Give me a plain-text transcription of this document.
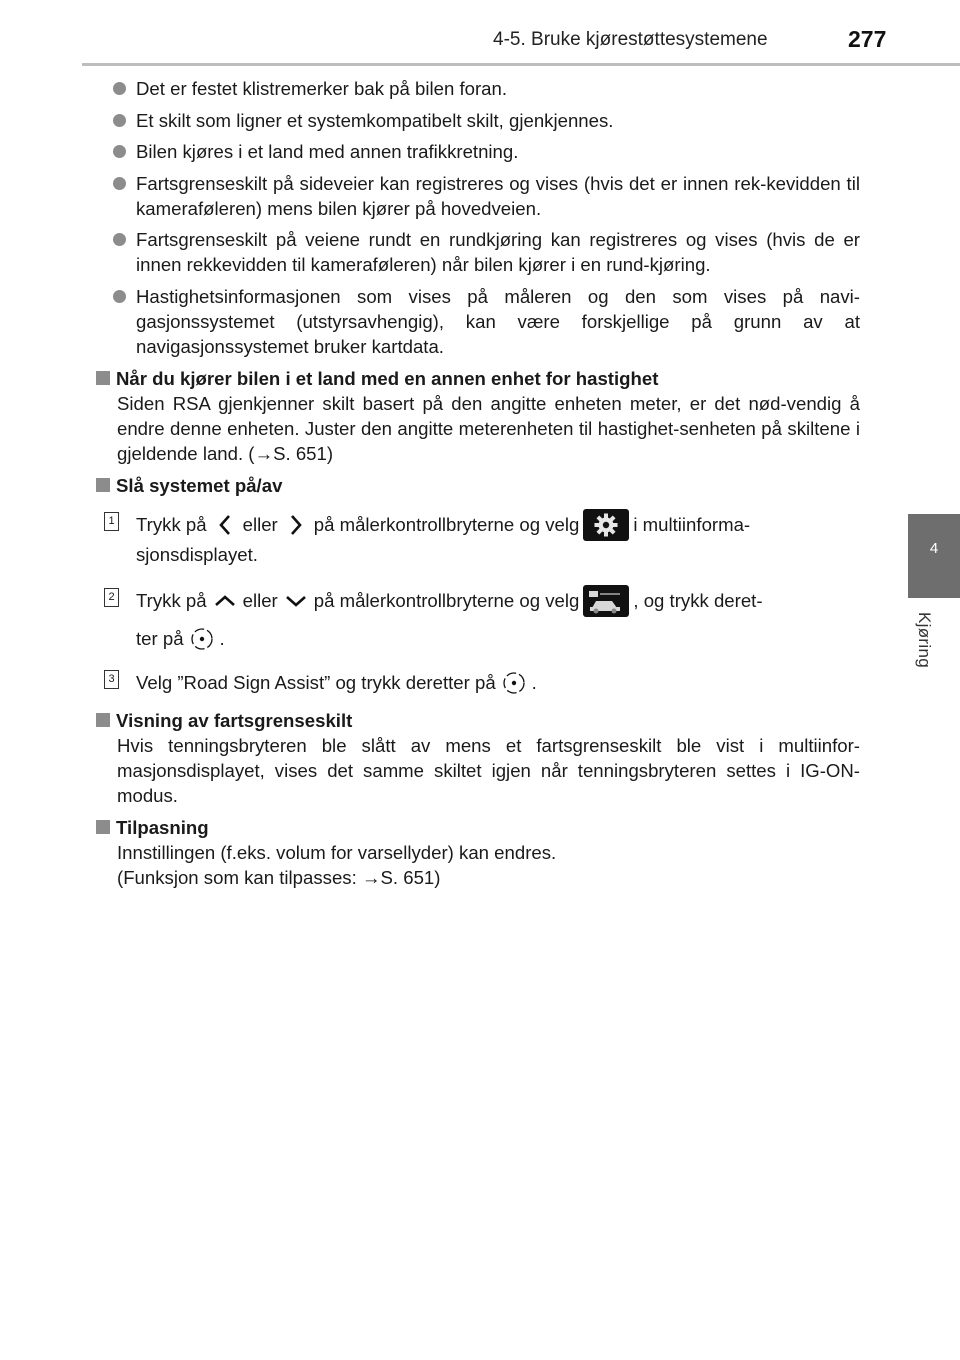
4-5. Bruke kjørestøttesystemene	277
4
Kjøring
Det er festet klistremerker bak på bilen foran.
Et skilt som ligner et systemkompatibelt skilt, gjenkjennes.
Bilen kjøres i et land med annen trafikkretning.
Fartsgrenseskilt på sideveier kan registreres og vises (hvis det er innen rek-kevidden til kameraføleren) mens bilen kjører på hovedveien.
Fartsgrenseskilt på veiene rundt en rundkjøring kan registreres og vises (hvis de er innen rekkevidden til kameraføleren) når bilen kjører i en rund-kjøring.
Hastighetsinformasjonen som vises på måleren og den som vises på navi-gasjonssystemet (utstyrsavhengig), kan være forskjellige på grunn av at navigasjonssystemet bruker kartdata.
Når du kjører bilen i et land med en annen enhet for hastighet
Siden RSA gjenkjenner skilt basert på den angitte enheten meter, er det nød-vendig å endre denne enheten. Juster den angitte meterenheten til hastighet-senheten på skiltene i gjeldende land. (→S. 651)
Slå systemet på/av
1 Trykk på eller på målerkontrollbryterne og velg	i multiinforma-
sjonsdisplayet.
2 Trykk på eller på målerkontrollbryterne og velg	, og trykk deret-
ter på .
3 Velg ”Road Sign Assist” og trykk deretter på .
Visning av fartsgrenseskilt
Hvis tenningsbryteren ble slått av mens et fartsgrenseskilt ble vist i multiinfor-masjonsdisplayet, vises det samme skiltet igjen når tenningsbryteren settes i IG-ON-modus.
Tilpasning
Innstillingen (f.eks. volum for varsellyder) kan endres.
(Funksjon som kan tilpasses: →S. 651)
